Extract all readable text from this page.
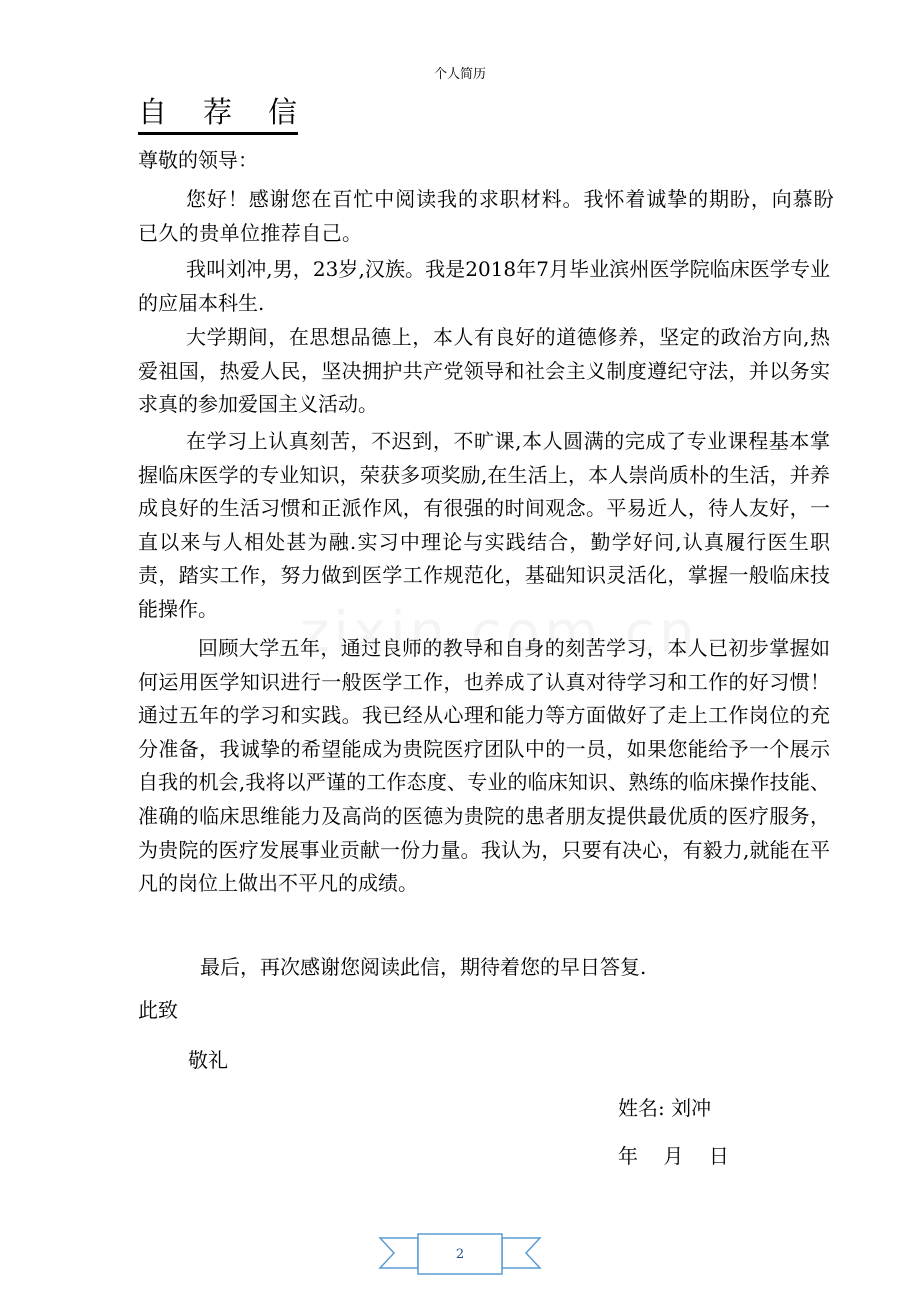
个人简历
自 荐 信
尊敬的领导：

您好！感谢您在百忙中阅读我的求职材料。我怀着诚挚的期盼，向慕盼已久的贵单位推荐自己。

我叫刘冲,男，23岁,汉族。我是2018年7月毕业滨州医学院临床医学专业的应届本科生.

大学期间，在思想品德上，本人有良好的道德修养，坚定的政治方向,热爱祖国，热爱人民，坚决拥护共产党领导和社会主义制度遵纪守法，并以务实求真的参加爱国主义活动。

在学习上认真刻苦，不迟到，不旷课,本人圆满的完成了专业课程基本掌握临床医学的专业知识，荣获多项奖励,在生活上，本人崇尚质朴的生活，并养成良好的生活习惯和正派作风，有很强的时间观念。平易近人，待人友好，一直以来与人相处甚为融.实习中理论与实践结合，勤学好问,认真履行医生职责，踏实工作，努力做到医学工作规范化，基础知识灵活化，掌握一般临床技能操作。

回顾大学五年，通过良师的教导和自身的刻苦学习，本人已初步掌握如何运用医学知识进行一般医学工作，也养成了认真对待学习和工作的好习惯！通过五年的学习和实践。我已经从心理和能力等方面做好了走上工作岗位的充分准备，我诚挚的希望能成为贵院医疗团队中的一员，如果您能给予一个展示自我的机会,我将以严谨的工作态度、专业的临床知识、熟练的临床操作技能、准确的临床思维能力及高尚的医德为贵院的患者朋友提供最优质的医疗服务，为贵院的医疗发展事业贡献一份力量。我认为，只要有决心，有毅力,就能在平凡的岗位上做出不平凡的成绩。

最后，再次感谢您阅读此信，期待着您的早日答复.

此致
敬礼
姓名: 刘冲
年    月    日
2
